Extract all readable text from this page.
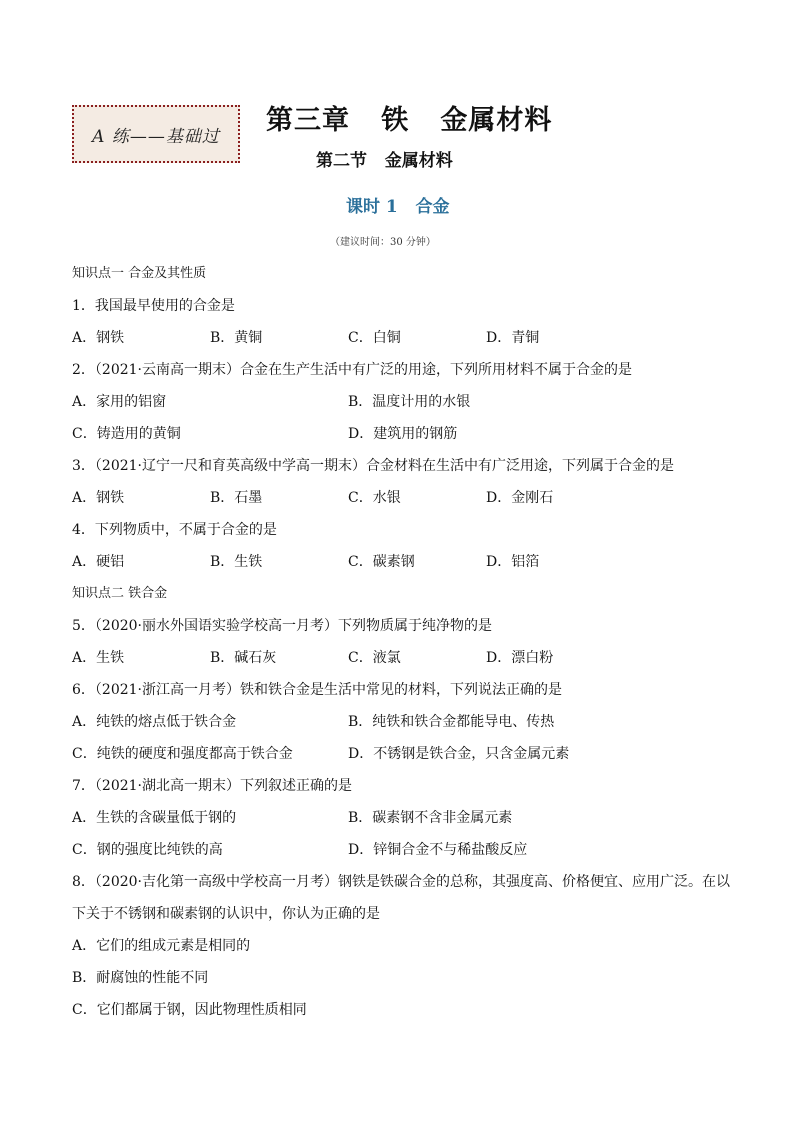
A 练——基础过
第三章   铁   金属材料
第二节   金属材料
课时 1   合金
（建议时间：30 分钟）
知识点一 合金及其性质
1．我国最早使用的合金是
A．钢铁	B．黄铜	C．白铜	D．青铜
2．（2021·云南高一期末）合金在生产生活中有广泛的用途，下列所用材料不属于合金的是
A．家用的铝窗	B．温度计用的水银
C．铸造用的黄铜	D．建筑用的钢筋
3．（2021·辽宁一尺和育英高级中学高一期末）合金材料在生活中有广泛用途，下列属于合金的是
A．钢铁	B．石墨	C．水银	D．金刚石
4．下列物质中，不属于合金的是
A．硬铝	B．生铁	C．碳素钢	D．铝箔
知识点二 铁合金
5．（2020·丽水外国语实验学校高一月考）下列物质属于纯净物的是
A．生铁	B．碱石灰	C．液氯	D．漂白粉
6．（2021·浙江高一月考）铁和铁合金是生活中常见的材料，下列说法正确的是
A．纯铁的熔点低于铁合金	B．纯铁和铁合金都能导电、传热
C．纯铁的硬度和强度都高于铁合金	D．不锈钢是铁合金，只含金属元素
7．（2021·湖北高一期末）下列叙述正确的是
A．生铁的含碳量低于钢的	B．碳素钢不含非金属元素
C．钢的强度比纯铁的高	D．锌铜合金不与稀盐酸反应
8．（2020·吉化第一高级中学校高一月考）钢铁是铁碳合金的总称，其强度高、价格便宜、应用广泛。在以
下关于不锈钢和碳素钢的认识中，你认为正确的是
A．它们的组成元素是相同的
B．耐腐蚀的性能不同
C．它们都属于钢，因此物理性质相同
